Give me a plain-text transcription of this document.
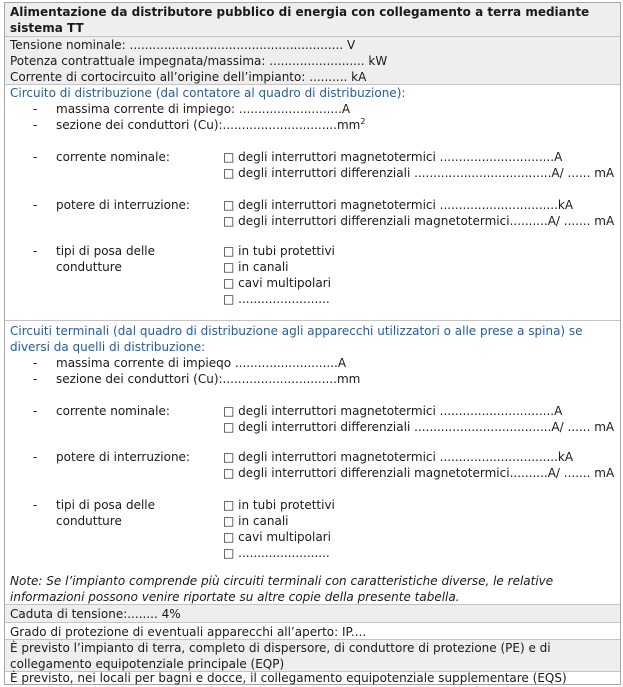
Alimentazione da distributore pubblico di energia con collegamento a terra mediante sistema TT
Tensione nominale: ........................................................ V
Potenza contrattuale impegnata/massima: ......................... kW
Corrente di cortocircuito all’origine dell’impianto: .......... kA
Circuito di distribuzione (dal contatore al quadro di distribuzione):
- massima corrente di impiego: ...........................A
- sezione dei conduttori $(Cu):..............................mm^2$
- corrente nominale:	□ degli interruttori magnetotermici ..............................A
□ degli interruttori differenziali ....................................A/ ...... mA
- potere di interruzione:	□ degli interruttori magnetotermici ...............................kA
□ degli interruttori differenziali magnetotermici..........A/ ....... mA
- tipi di posa delle
condutture
□ in tubi protettivi
□ in canali
□ cavi multipolari
□ ........................
Circuiti terminali (dal quadro di distribuzione agli apparecchi utilizzatori o alle prese a spina) se diversi da quelli di distribuzione:
- massima corrente di impieqo ...........................A
- sezione dei conduttori (Cu):..............................mm
- corrente nominale:	□ degli interruttori magnetotermici ..............................A
□ degli interruttori differenziali ....................................A/ ...... mA
- potere di interruzione:	□ degli interruttori magnetotermici ...............................kA
□ degli interruttori differenziali magnetotermici..........A/ ....... mA
- tipi di posa delle
condutture
□ in tubi protettivi
□ in canali
□ cavi multipolari
□ ........................
Note: Se l’impianto comprende più circuiti terminali con caratteristiche diverse, le relative informazioni possono venire riportate su altre copie della presente tabella.
Caduta di tensione:........ 4%
Grado di protezione di eventuali apparecchi all’aperto: IP....
È previsto l’impianto di terra, completo di dispersore, di conduttore di protezione (PE) e di collegamento equipotenziale principale (EQP)
È previsto, nei locali per bagni e docce, il collegamento equipotenziale supplementare (EQS)
